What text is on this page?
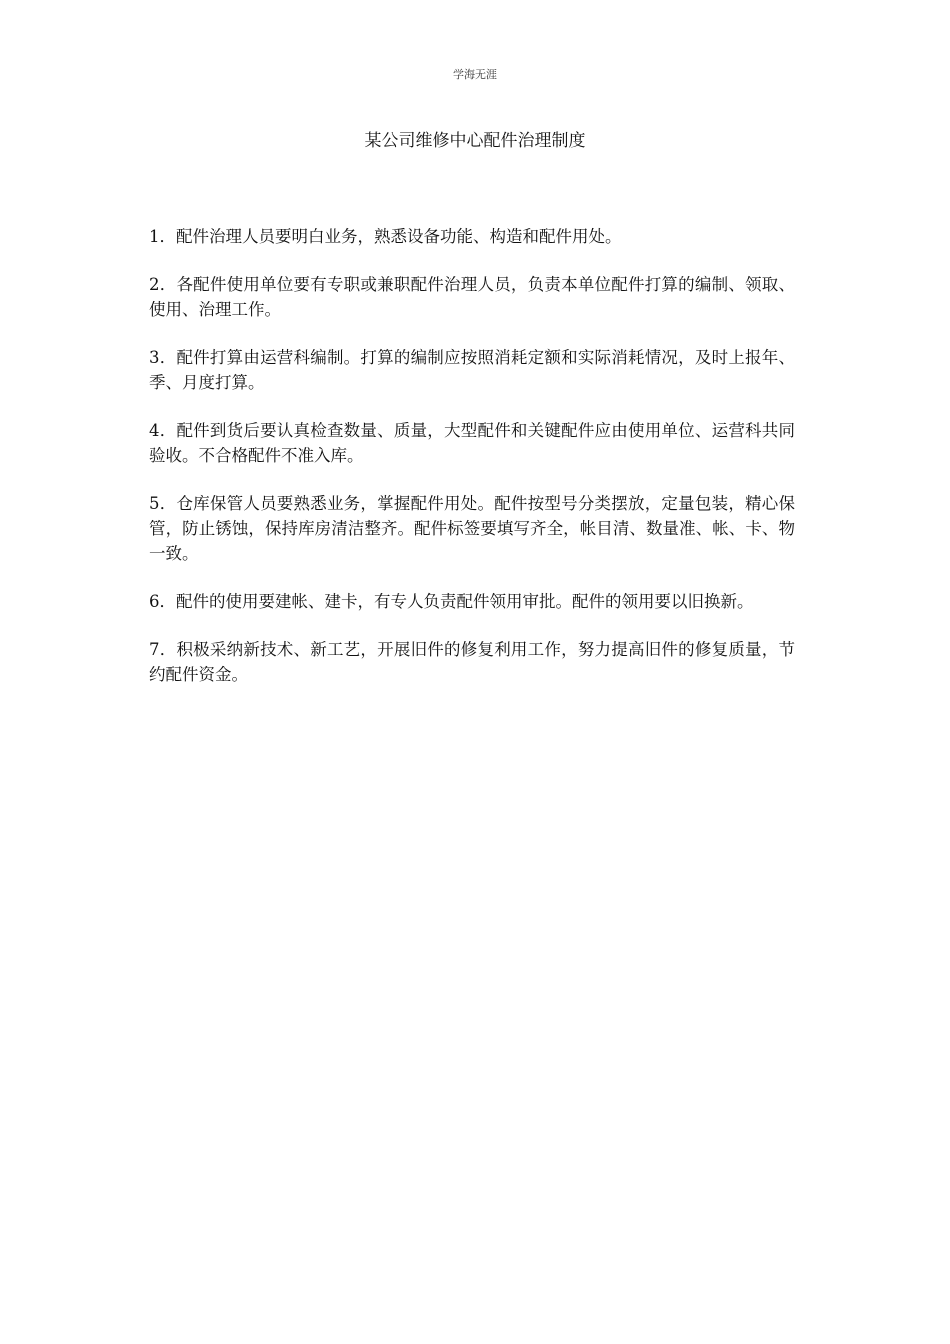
学海无涯
某公司维修中心配件治理制度

1．配件治理人员要明白业务，熟悉设备功能、构造和配件用处。

2．各配件使用单位要有专职或兼职配件治理人员，负责本单位配件打算的编制、领取、使用、治理工作。

3．配件打算由运营科编制。打算的编制应按照消耗定额和实际消耗情况，及时上报年、季、月度打算。

4．配件到货后要认真检查数量、质量，大型配件和关键配件应由使用单位、运营科共同验收。不合格配件不准入库。

5．仓库保管人员要熟悉业务，掌握配件用处。配件按型号分类摆放，定量包装，精心保管，防止锈蚀，保持库房清洁整齐。配件标签要填写齐全，帐目清、数量准、帐、卡、物一致。

6．配件的使用要建帐、建卡，有专人负责配件领用审批。配件的领用要以旧换新。

7．积极采纳新技术、新工艺，开展旧件的修复利用工作，努力提高旧件的修复质量，节约配件资金。
